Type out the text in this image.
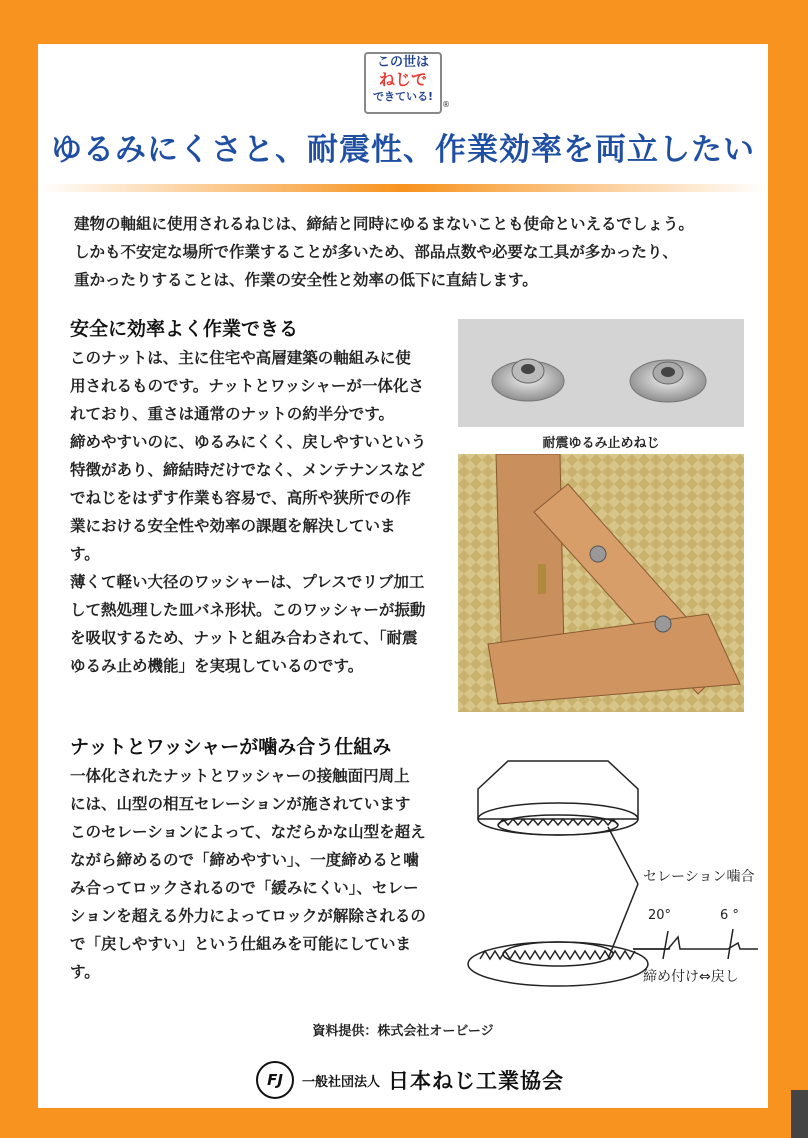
この世は
ねじで
できている!
®
ゆるみにくさと、耐震性、作業効率を両立したい
建物の軸組に使用されるねじは、締結と同時にゆるまないことも使命といえるでしょう。
しかも不安定な場所で作業することが多いため、部品点数や必要な工具が多かったり、
重かったりすることは、作業の安全性と効率の低下に直結します。
安全に効率よく作業できる
このナットは、主に住宅や高層建築の軸組みに使
用されるものです。ナットとワッシャーが一体化さ
れており、重さは通常のナットの約半分です。
締めやすいのに、ゆるみにくく、戻しやすいという
特徴があり、締結時だけでなく、メンテナンスなど
でねじをはずす作業も容易で、高所や狭所での作
業における安全性や効率の課題を解決していま
す。
薄くて軽い大径のワッシャーは、プレスでリブ加工
して熱処理した皿バネ形状。このワッシャーが振動
を吸収するため、ナットと組み合わされて、「耐震
ゆるみ止め機能」を実現しているのです。
耐震ゆるみ止めねじ
ナットとワッシャーが噛み合う仕組み
一体化されたナットとワッシャーの接触面円周上
には、山型の相互セレーションが施されています
このセレーションによって、なだらかな山型を超え
ながら締めるので「締めやすい」、一度締めると噛
み合ってロックされるので「緩みにくい」、セレー
ションを超える外力によってロックが解除されるの
で「戻しやすい」という仕組みを可能にしていま
す。
セレーション噛合
20°	6 °
締め付け⇔戻し
資料提供：株式会社オービージ
FJ	一般社団法人 日本ねじ工業協会
